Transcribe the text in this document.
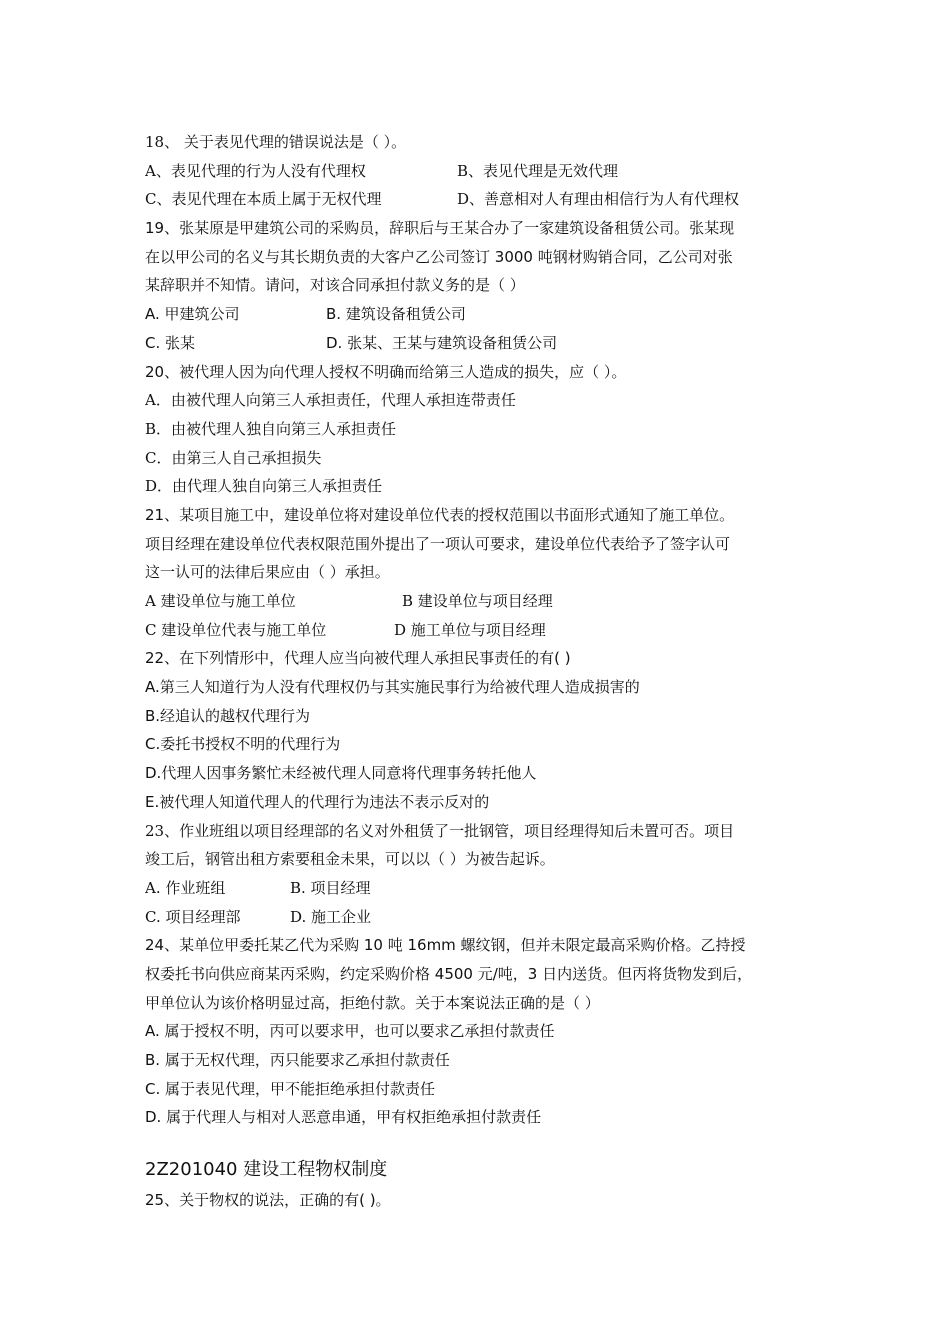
18、 关于表见代理的错误说法是（ ）。
A、表见代理的行为人没有代理权	B、表见代理是无效代理
C、表见代理在本质上属于无权代理	D、善意相对人有理由相信行为人有代理权
19、张某原是甲建筑公司的采购员，辞职后与王某合办了一家建筑设备租赁公司。张某现
在以甲公司的名义与其长期负责的大客户乙公司签订 3000 吨钢材购销合同，乙公司对张
某辞职并不知情。请问，对该合同承担付款义务的是（ ）
A. 甲建筑公司	B. 建筑设备租赁公司
C. 张某	D. 张某、王某与建筑设备租赁公司
20、被代理人因为向代理人授权不明确而给第三人造成的损失，应（ ）。
A．由被代理人向第三人承担责任，代理人承担连带责任
B．由被代理人独自向第三人承担责任
C．由第三人自己承担损失
D．由代理人独自向第三人承担责任
21、某项目施工中，建设单位将对建设单位代表的授权范围以书面形式通知了施工单位。
项目经理在建设单位代表权限范围外提出了一项认可要求，建设单位代表给予了签字认可
这一认可的法律后果应由（ ）承担。
A 建设单位与施工单位	B 建设单位与项目经理
C 建设单位代表与施工单位	D 施工单位与项目经理
22、在下列情形中，代理人应当向被代理人承担民事责任的有( )
A.第三人知道行为人没有代理权仍与其实施民事行为给被代理人造成损害的
B.经追认的越权代理行为
C.委托书授权不明的代理行为
D.代理人因事务繁忙未经被代理人同意将代理事务转托他人
E.被代理人知道代理人的代理行为违法不表示反对的
23、作业班组以项目经理部的名义对外租赁了一批钢管，项目经理得知后未置可否。项目
竣工后，钢管出租方索要租金未果，可以以（ ）为被告起诉。
A. 作业班组	B. 项目经理
C. 项目经理部	D. 施工企业
24、某单位甲委托某乙代为采购 10 吨 16mm 螺纹钢，但并未限定最高采购价格。乙持授
权委托书向供应商某丙采购，约定采购价格 4500 元/吨，3 日内送货。但丙将货物发到后，
甲单位认为该价格明显过高，拒绝付款。关于本案说法正确的是（ ）
A. 属于授权不明，丙可以要求甲，也可以要求乙承担付款责任
B. 属于无权代理，丙只能要求乙承担付款责任
C. 属于表见代理，甲不能拒绝承担付款责任
D. 属于代理人与相对人恶意串通，甲有权拒绝承担付款责任
2Z201040 建设工程物权制度
25、关于物权的说法，正确的有( )。
